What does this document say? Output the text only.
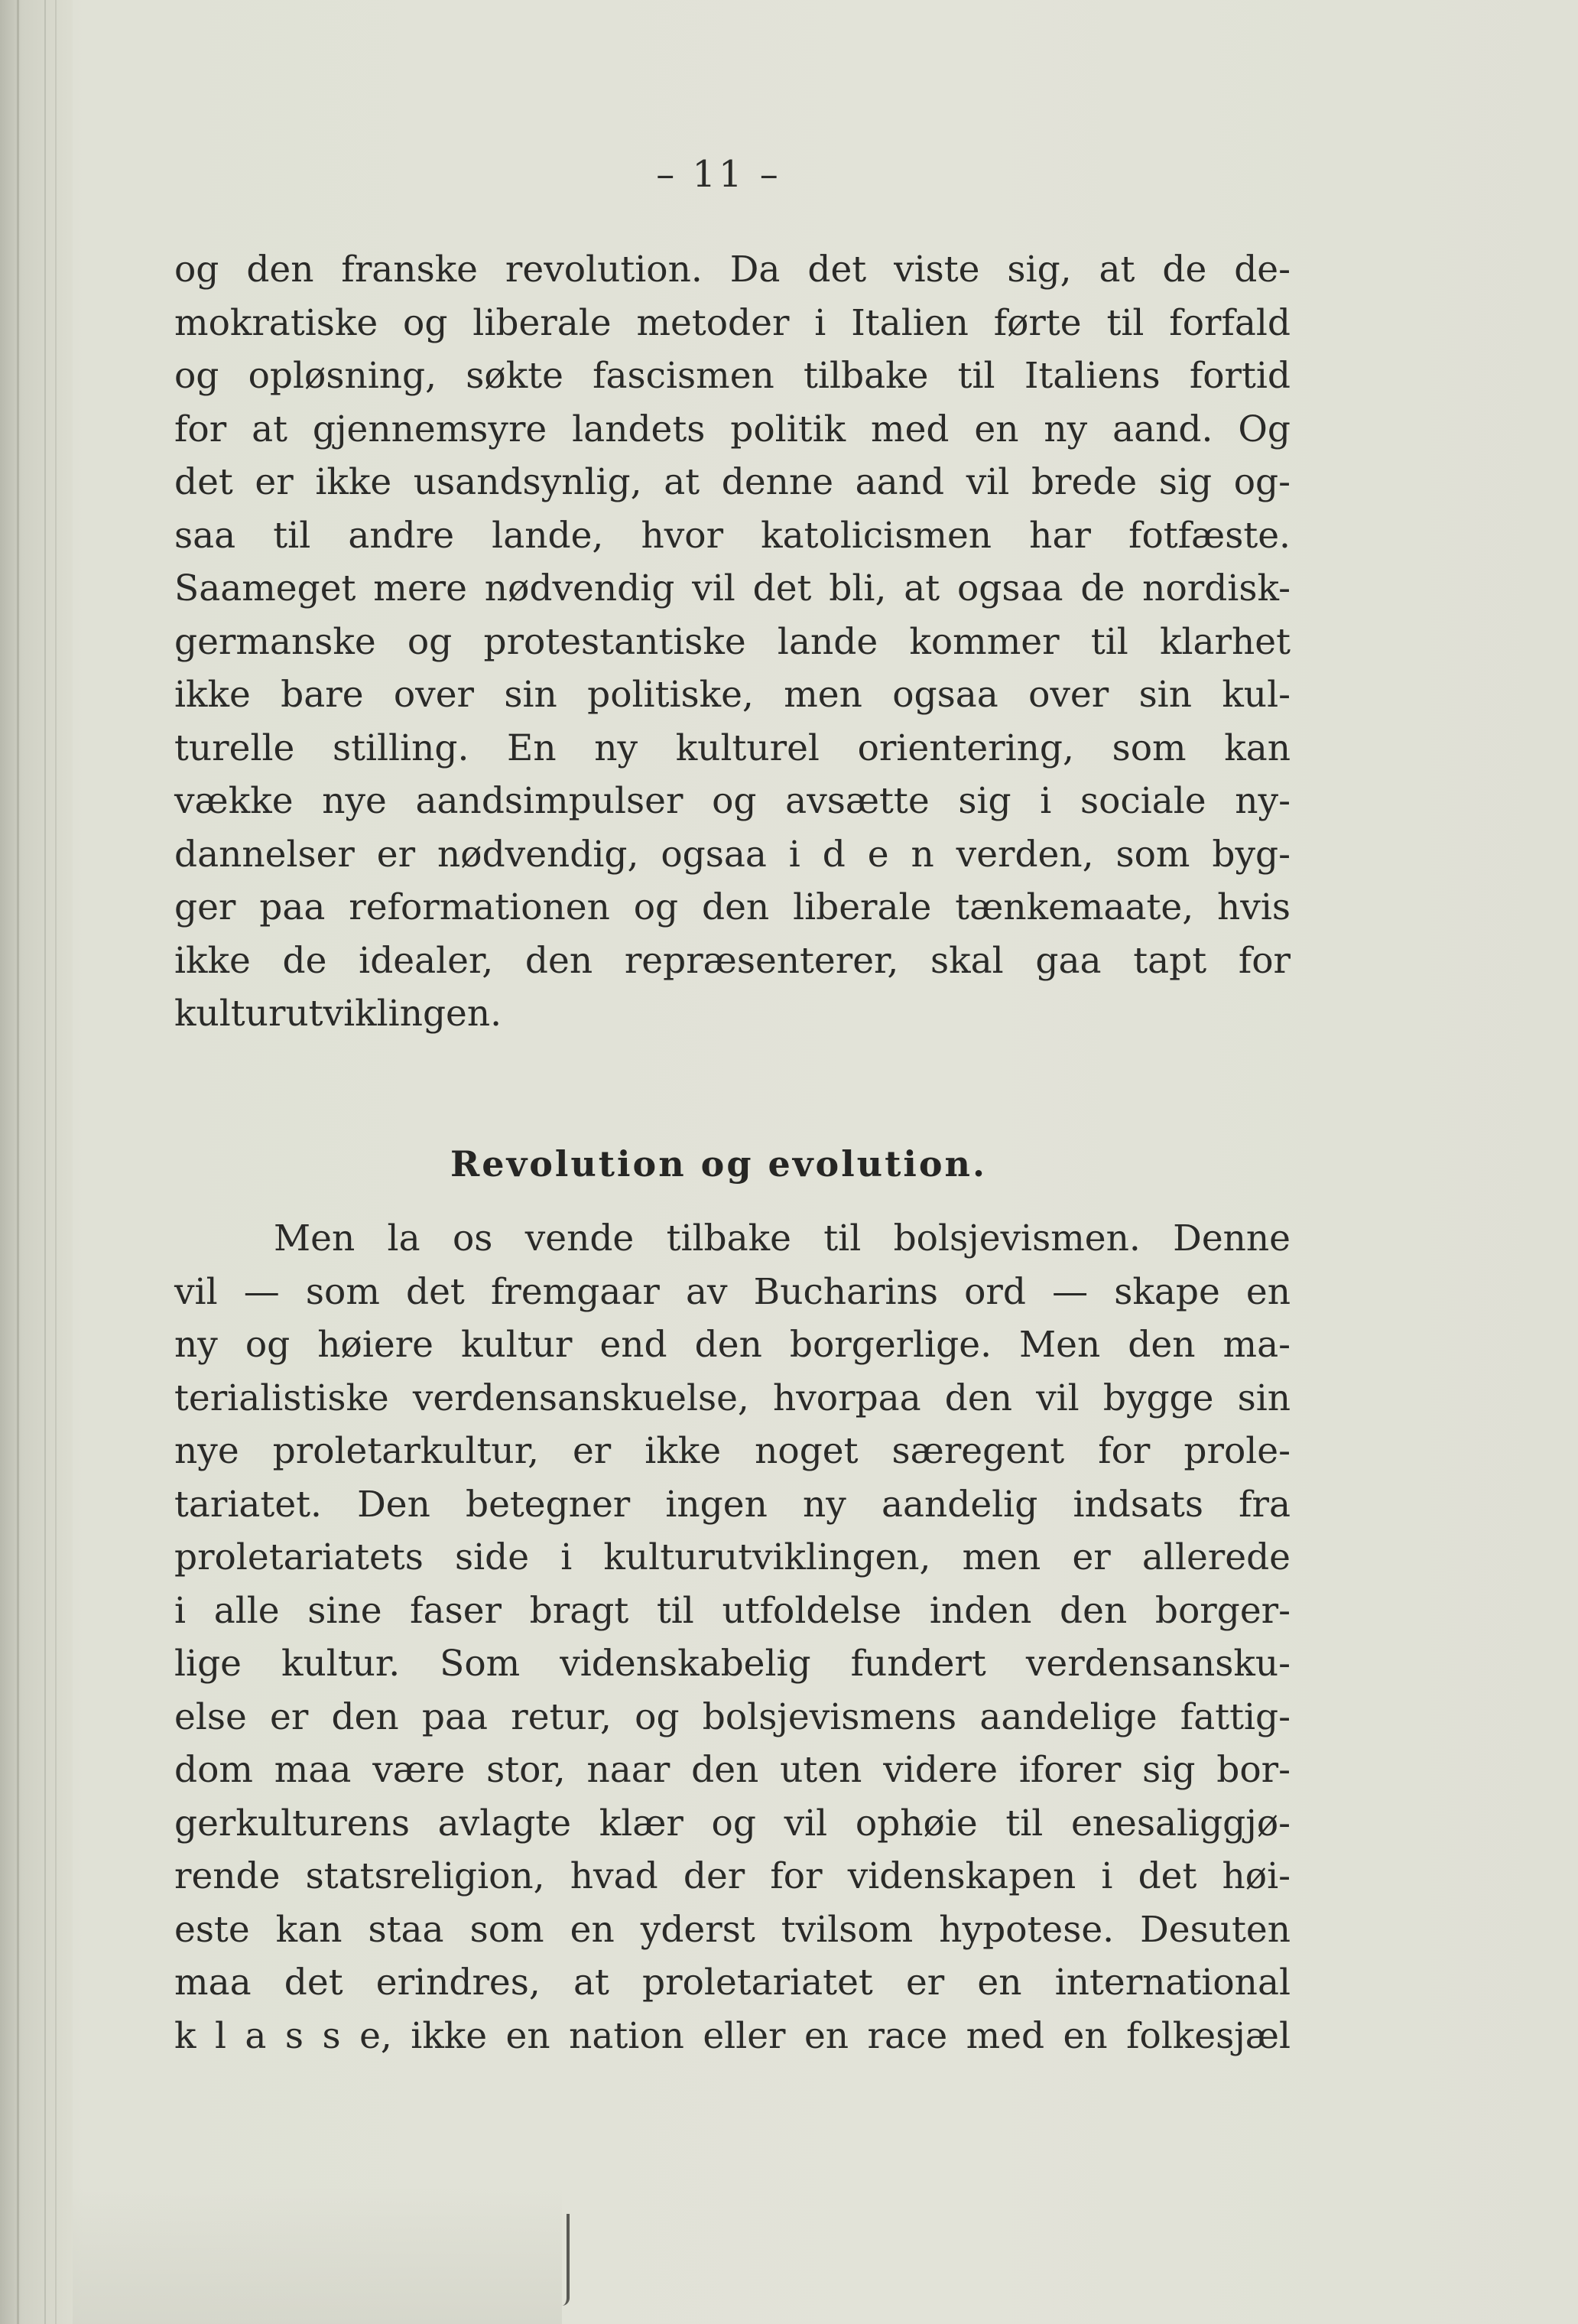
– 11 –
og den franske revolution. Da det viste sig, at de de-
mokratiske og liberale metoder i Italien førte til forfald
og opløsning, søkte fascismen tilbake til Italiens fortid
for at gjennemsyre landets politik med en ny aand. Og
det er ikke usandsynlig, at denne aand vil brede sig og-
saa til andre lande, hvor katolicismen har fotfæste.
Saameget mere nødvendig vil det bli, at ogsaa de nordisk-
germanske og protestantiske lande kommer til klarhet
ikke bare over sin politiske, men ogsaa over sin kul-
turelle stilling. En ny kulturel orientering, som kan
vække nye aandsimpulser og avsætte sig i sociale ny-
dannelser er nødvendig, ogsaa i d e n verden, som byg-
ger paa reformationen og den liberale tænkemaate, hvis
ikke de idealer, den repræsenterer, skal gaa tapt for
kulturutviklingen.
Revolution og evolution.
Men la os vende tilbake til bolsjevismen. Denne
vil — som det fremgaar av Bucharins ord — skape en
ny og høiere kultur end den borgerlige. Men den ma-
terialistiske verdensanskuelse, hvorpaa den vil bygge sin
nye proletarkultur, er ikke noget særegent for prole-
tariatet. Den betegner ingen ny aandelig indsats fra
proletariatets side i kulturutviklingen, men er allerede
i alle sine faser bragt til utfoldelse inden den borger-
lige kultur. Som videnskabelig fundert verdensansku-
else er den paa retur, og bolsjevismens aandelige fattig-
dom maa være stor, naar den uten videre iforer sig bor-
gerkulturens avlagte klær og vil ophøie til enesaliggjø-
rende statsreligion, hvad der for videnskapen i det høi-
este kan staa som en yderst tvilsom hypotese. Desuten
maa det erindres, at proletariatet er en international
k l a s s e, ikke en nation eller en race med en folkesjæl
